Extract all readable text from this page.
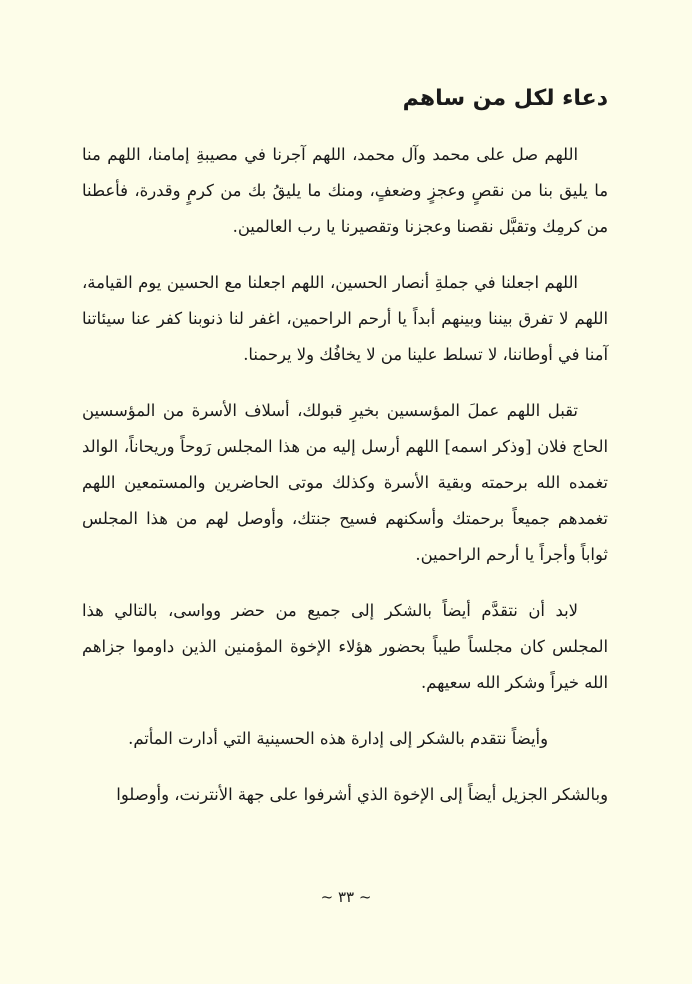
دعاء لكل من ساهم

اللهم صل على محمد وآل محمد، اللهم آجرنا في مصيبةِ إمامنا، اللهم منا ما يليق بنا من نقصٍ وعجزٍ وضعفٍ، ومنك ما يليقُ بك من كرمٍ وقدرة، فأعطنا من كرمِك وتقبَّل نقصنا وعجزنا وتقصيرنا يا رب العالمين.

اللهم اجعلنا في جملةِ أنصار الحسين، اللهم اجعلنا مع الحسين يوم القيامة، اللهم لا تفرق بيننا وبينهم أبداً يا أرحم الراحمين، اغفر لنا ذنوبنا كفر عنا سيئاتنا آمنا في أوطاننا، لا تسلط علينا من لا يخافُك ولا يرحمنا.

تقبل اللهم عملَ المؤسسين بخيرِ قبولك، أسلاف الأسرة من المؤسسين الحاج فلان [وذكر اسمه] اللهم أرسل إليه من هذا المجلس رَوحاً وريحاناً، الوالد تغمده الله برحمته وبقية الأسرة وكذلك موتى الحاضرين والمستمعين اللهم تغمدهم جميعاً برحمتك وأسكنهم فسيح جنتك، وأوصل لهم من هذا المجلس ثواباً وأجراً يا أرحم الراحمين.

لابد أن نتقدَّم أيضاً بالشكر إلى جميع من حضر وواسى، بالتالي هذا المجلس كان مجلساً طيباً بحضور هؤلاء الإخوة المؤمنين الذين داوموا جزاهم الله خيراً وشكر الله سعيهم.

وأيضاً نتقدم بالشكر إلى إدارة هذه الحسينية التي أدارت المأتم.

وبالشكر الجزيل أيضاً إلى الإخوة الذي أشرفوا على جهة الأنترنت، وأوصلوا

~ ٣٣ ~
